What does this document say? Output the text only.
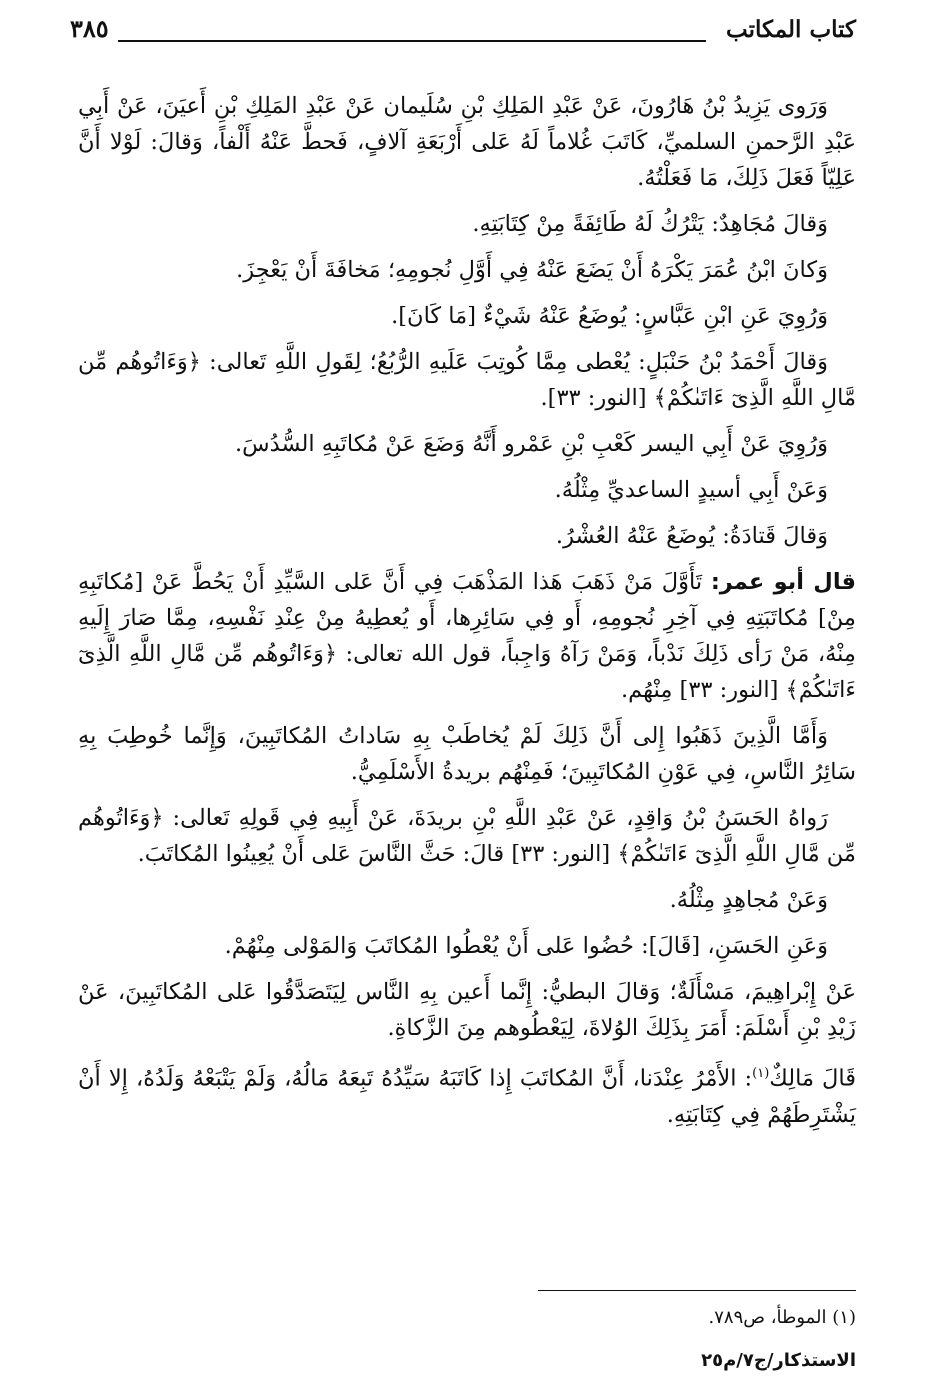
كتاب المكاتب
٣٨٥

وَرَوى يَزِيدُ بْنُ هَارُونَ، عَنْ عَبْدِ المَلِكِ بْنِ سُلَيمان عَنْ عَبْدِ المَلِكِ بْنِ أَعيَنَ، عَنْ أَبِي عَبْدِ الرَّحمنِ السلميِّ، كَاتَبَ غُلاماً لَهُ عَلى أَرْبَعَةِ آلافٍ، فَحطَّ عَنْهُ أَلْفاً، وَقالَ: لَوْلا أَنَّ عَلِيّاً فَعَلَ ذَلِكَ، مَا فَعَلْتُهُ.

وَقالَ مُجَاهِدٌ: يَتْرُكُ لَهُ طَائِفَةً مِنْ كِتَابَتِهِ.

وَكانَ ابْنُ عُمَرَ يَكْرَهُ أَنْ يَضَعَ عَنْهُ فِي أَوَّلِ نُجومِهِ؛ مَخافَةَ أَنْ يَعْجِزَ.

وَرُوِيَ عَنِ ابْنِ عَبَّاسٍ: يُوضَعُ عَنْهُ شَيْءٌ [مَا كَانَ].

وَقالَ أَحْمَدُ بْنُ حَنْبَلٍ: يُعْطى مِمَّا كُوتِبَ عَلَيهِ الرُّبُعُ؛ لِقَولِ اللَّهِ تَعالى: ﴿وَءَاتُوهُم مِّن مَّالِ اللَّهِ الَّذِىٓ ءَاتَىٰكُمْ﴾ [النور: ٣٣].

وَرُوِيَ عَنْ أَبِي اليسر كَعْبِ بْنِ عَمْرو أَنَّهُ وَضَعَ عَنْ مُكاتَبِهِ السُّدُسَ.

وَعَنْ أَبِي أسيدٍ الساعديِّ مِثْلُهُ.

وَقالَ قَتادَةُ: يُوضَعُ عَنْهُ العُشْرُ.

قال أبو عمر: تَأَوَّلَ مَنْ ذَهَبَ هَذا المَذْهَبَ فِي أَنَّ عَلى السَّيِّدِ أَنْ يَحُطَّ عَنْ [مُكاتَبِهِ مِنْ] مُكاتَبَتِهِ فِي آخِرِ نُجومِهِ، أَو فِي سَائِرِها، أَو يُعطِيهُ مِنْ عِنْدِ نَفْسِهِ، مِمَّا صَارَ إِلَيهِ مِنْهُ، مَنْ رَأى ذَلِكَ نَدْباً، وَمَنْ رَآهُ وَاجِباً، قول الله تعالى: ﴿وَءَاتُوهُم مِّن مَّالِ اللَّهِ الَّذِىٓ ءَاتَىٰكُمْ﴾ [النور: ٣٣] مِنْهُم.

وَأَمَّا الَّذِينَ ذَهَبُوا إِلى أَنَّ ذَلِكَ لَمْ يُخاطَبْ بِهِ سَاداتُ المُكاتَبِينَ، وَإِنَّما خُوطِبَ بِهِ سَائِرُ النَّاسِ، فِي عَوْنِ المُكاتَبِينَ؛ فَمِنْهُم بريدةُ الأَسْلَمِيُّ.

رَواهُ الحَسَنُ بْنُ وَاقِدٍ، عَنْ عَبْدِ اللَّهِ بْنِ بريدَةَ، عَنْ أَبِيهِ فِي قَولِهِ تَعالى: ﴿وَءَاتُوهُم مِّن مَّالِ اللَّهِ الَّذِىٓ ءَاتَىٰكُمْ﴾ [النور: ٣٣] قالَ: حَثَّ النَّاسَ عَلى أَنْ يُعِينُوا المُكاتَبَ.

وَعَنْ مُجاهِدٍ مِثْلُهُ.

وَعَنِ الحَسَنِ، [قَالَ]: حُضُوا عَلى أَنْ يُعْطُوا المُكاتَبَ وَالمَوْلى مِنْهُمْ.

عَنْ إِبْراهِيمَ، مَسْأَلَةٌ؛ وَقالَ البطيُّ: إِنَّما أَعين بِهِ النَّاس لِيَتَصَدَّقُوا عَلى المُكاتَبِينَ، عَنْ زَيْدِ بْنِ أَسْلَمَ: أَمَرَ بِذَلِكَ الوُلاةَ، لِيَعْطُوهم مِنَ الزَّكاةِ.

قَالَ مَالِكٌ$^{(١)}$: الأَمْرُ عِنْدَنا، أَنَّ المُكاتَبَ إِذا كَاتَبَهُ سَيِّدُهُ تَبِعَهُ مَالُهُ، وَلَمْ يَتْبَعْهُ وَلَدُهُ، إِلا أَنْ يَشْتَرِطَهُمْ فِي كِتَابَتِهِ.

(١) الموطأ، ص٧٨٩.
الاستذكار/ج٧/م٢٥
